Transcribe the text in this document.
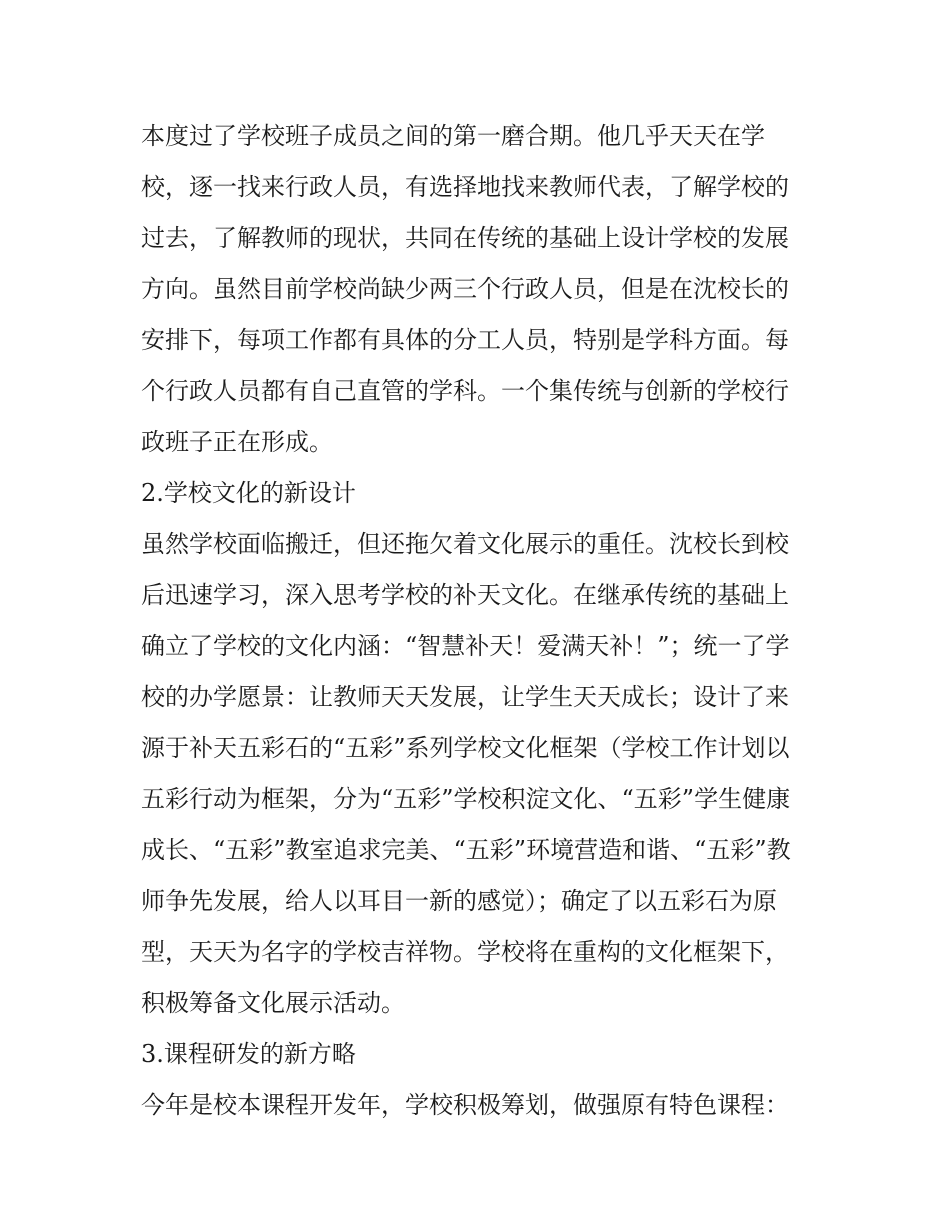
本度过了学校班子成员之间的第一磨合期。他几乎天天在学
校，逐一找来行政人员，有选择地找来教师代表，了解学校的
过去，了解教师的现状，共同在传统的基础上设计学校的发展
方向。虽然目前学校尚缺少两三个行政人员，但是在沈校长的
安排下，每项工作都有具体的分工人员，特别是学科方面。每
个行政人员都有自己直管的学科。一个集传统与创新的学校行
政班子正在形成。
2.学校文化的新设计
虽然学校面临搬迁，但还拖欠着文化展示的重任。沈校长到校
后迅速学习，深入思考学校的补天文化。在继承传统的基础上
确立了学校的文化内涵：“智慧补天！爱满天补！”；统一了学
校的办学愿景：让教师天天发展，让学生天天成长；设计了来
源于补天五彩石的“五彩”系列学校文化框架（学校工作计划以
五彩行动为框架，分为“五彩”学校积淀文化、“五彩”学生健康
成长、“五彩”教室追求完美、“五彩”环境营造和谐、“五彩”教
师争先发展，给人以耳目一新的感觉）；确定了以五彩石为原
型，天天为名字的学校吉祥物。学校将在重构的文化框架下，
积极筹备文化展示活动。
3.课程研发的新方略
今年是校本课程开发年，学校积极筹划，做强原有特色课程：
